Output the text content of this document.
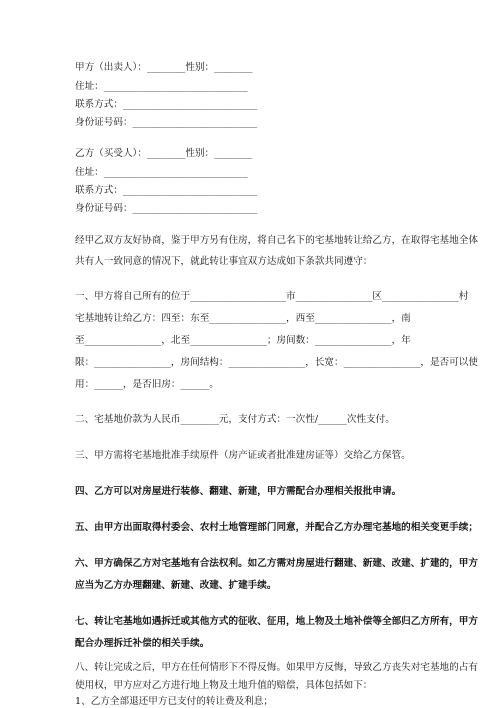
甲方（出卖人）：________性别：________
住址：______________________________
联系方式：____________________________
身份证号码：__________________________
乙方（买受人）：________性别：________
住址：______________________________
联系方式：____________________________
身份证号码：__________________________
经甲乙双方友好协商，鉴于甲方另有住房，将自己名下的宅基地转让给乙方，在取得宅基地全体
共有人一致同意的情况下，就此转让事宜双方达成如下条款共同遵守：
一、甲方将自己所有的位于____________________市________________区________________村
宅基地转让给乙方：四至：东至________________，西至________________，南
至________________，北至________________；房间数：________________，年
限：________________，房间结构：________________，长宽：________________，是否可以使
用：______，是否旧房：______。
二、宅基地价款为人民币________元，支付方式：一次性/______次性支付。
三、甲方需将宅基地批准手续原件（房产证或者批准建房证等）交给乙方保管。
四、乙方可以对房屋进行装修、翻建、新建，甲方需配合办理相关报批申请。
五、由甲方出面取得村委会、农村土地管理部门同意，并配合乙方办理宅基地的相关变更手续；
六、甲方确保乙方对宅基地有合法权利。如乙方需对房屋进行翻建、新建、改建、扩建的，甲方
应当为乙方办理翻建、新建、改建、扩建手续。
七、转让宅基地如遇拆迁或其他方式的征收、征用，地上物及土地补偿等全部归乙方所有，甲方
配合办理拆迁补偿的相关手续。
八、转让完成之后，甲方在任何情形下不得反悔。如果甲方反悔，导致乙方丧失对宅基地的占有
使用权，甲方应对乙方进行地上物及土地升值的赔偿，具体包括如下：
1、乙方全部退还甲方已支付的转让费及利息；
